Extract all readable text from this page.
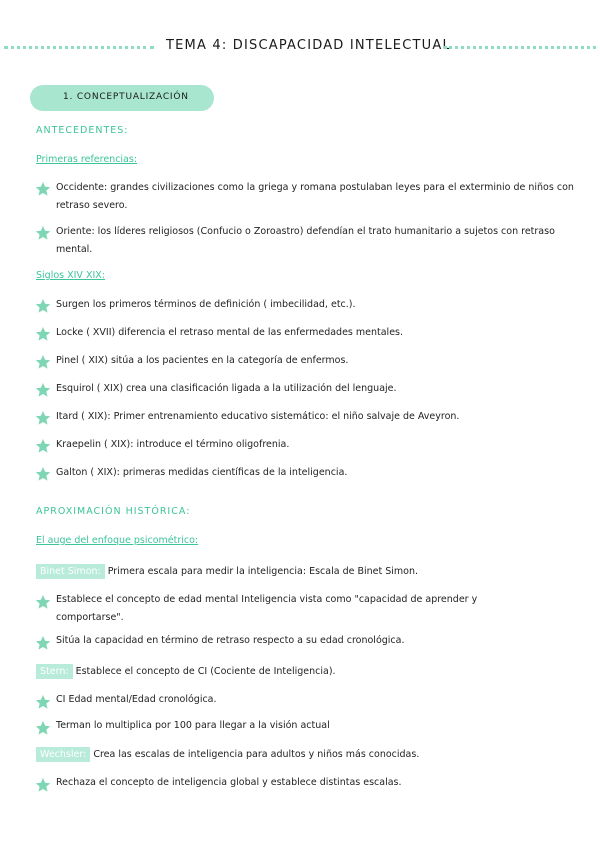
TEMA 4: DISCAPACIDAD INTELECTUAL
1. CONCEPTUALIZACIÓN
ANTECEDENTES:
Primeras referencias:
Occidente: grandes civilizaciones como la griega y romana postulaban leyes para el exterminio de niños con retraso severo.
Oriente: los líderes religiosos (Confucio o Zoroastro) defendían el trato humanitario a sujetos con retraso mental.
Siglos XIV XIX:
Surgen los primeros términos de definición ( imbecilidad, etc.).
Locke ( XVII) diferencia el retraso mental de las enfermedades mentales.
Pinel ( XIX) sitúa a los pacientes en la categoría de enfermos.
Esquirol ( XIX) crea una clasificación ligada a la utilización del lenguaje.
Itard ( XIX): Primer entrenamiento educativo sistemático: el niño salvaje de Aveyron.
Kraepelin ( XIX): introduce el término oligofrenia.
Galton ( XIX): primeras medidas científicas de la inteligencia.
APROXIMACIÓN HISTÓRICA:
El auge del enfoque psicométrico:
Binet Simon: Primera escala para medir la inteligencia: Escala de Binet Simon.
Establece el concepto de edad mental Inteligencia vista como "capacidad de aprender y comportarse".
Sitúa la capacidad en término de retraso respecto a su edad cronológica.
Stern: Establece el concepto de CI (Cociente de Inteligencia).
CI Edad mental/Edad cronológica.
Terman lo multiplica por 100 para llegar a la visión actual
Wechsler: Crea las escalas de inteligencia para adultos y niños más conocidas.
Rechaza el concepto de inteligencia global y establece distintas escalas.
